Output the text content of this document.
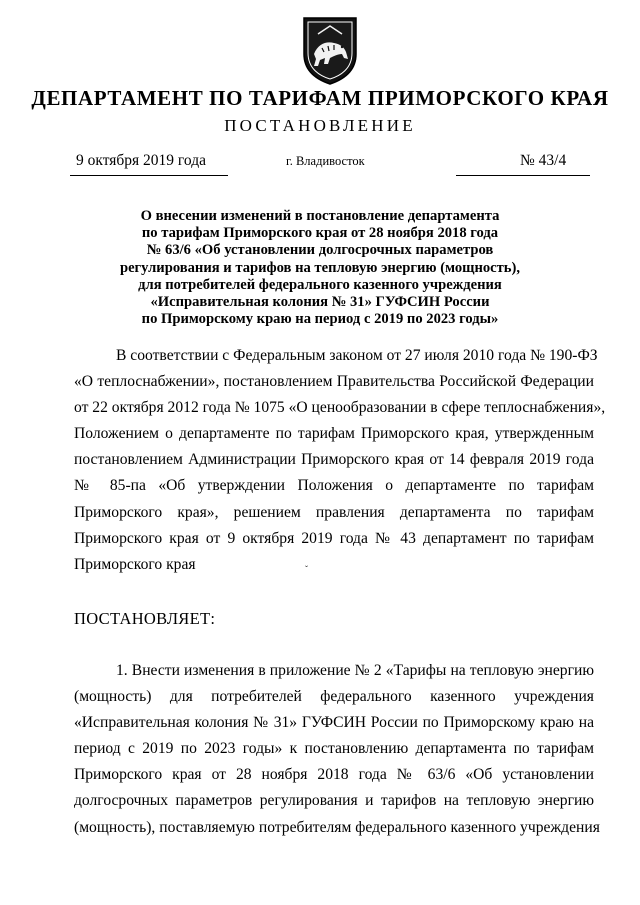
ДЕПАРТАМЕНТ ПО ТАРИФАМ ПРИМОРСКОГО КРАЯ
ПОСТАНОВЛЕНИЕ
9 октября 2019 года	г. Владивосток	№ 43/4
О внесении изменений в постановление департамента
по тарифам Приморского края от 28 ноября 2018 года
№ 63/6 «Об установлении долгосрочных параметров
регулирования и тарифов на тепловую энергию (мощность),
для потребителей федерального казенного учреждения
«Исправительная колония № 31» ГУФСИН России
по Приморскому краю на период с 2019 по 2023 годы»
В соответствии с Федеральным законом от 27 июля 2010 года № 190-ФЗ
«О теплоснабжении», постановлением Правительства Российской Федерации
от 22 октября 2012 года № 1075 «О ценообразовании в сфере теплоснабжения»,
Положением о департаменте по тарифам Приморского края, утвержденным
постановлением Администрации Приморского края от 14 февраля 2019 года
№ 85-па «Об утверждении Положения о департаменте по тарифам
Приморского края», решением правления департамента по тарифам
Приморского края от 9 октября 2019 года № 43 департамент по тарифам
Приморского края	ˇ
ПОСТАНОВЛЯЕТ:
1. Внести изменения в приложение № 2 «Тарифы на тепловую энергию
(мощность) для потребителей федерального казенного учреждения
«Исправительная колония № 31» ГУФСИН России по Приморскому краю на
период с 2019 по 2023 годы» к постановлению департамента по тарифам
Приморского края от 28 ноября 2018 года № 63/6 «Об установлении
долгосрочных параметров регулирования и тарифов на тепловую энергию
(мощность), поставляемую потребителям федерального казенного учреждения
